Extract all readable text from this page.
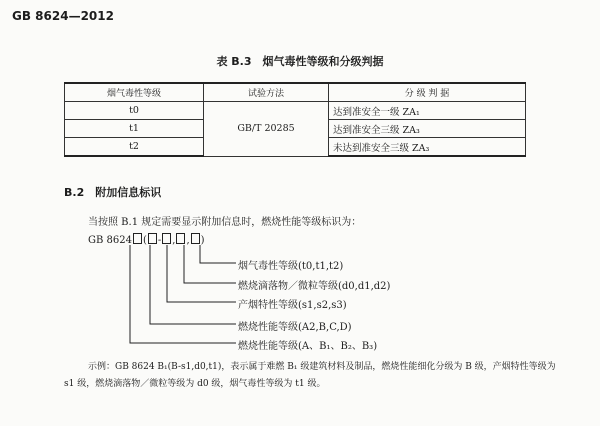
GB 8624—2012
表 B.3　烟气毒性等级和分级判据
烟气毒性等级	试验方法	分 级 判 据
t0	GB/T 20285	达到准安全一级 ZA₁
t1		达到准安全三级 ZA₃
t2		未达到准安全三级 ZA₃
B.2　附加信息标识
当按照 B.1 规定需要显示附加信息时，燃烧性能等级标识为：
GB 8624 ( - , , )
烟气毒性等级(t0,t1,t2)
燃烧滴落物／微粒等级(d0,d1,d2)
产烟特性等级(s1,s2,s3)
燃烧性能等级(A2,B,C,D)
燃烧性能等级(A、B₁、B₂、B₃)
示例：GB 8624 B₁(B-s1,d0,t1)，表示属于难燃 B₁ 级建筑材料及制品，燃烧性能细化分级为 B 级，产烟特性等级为
s1 级，燃烧滴落物／微粒等级为 d0 级，烟气毒性等级为 t1 级。
